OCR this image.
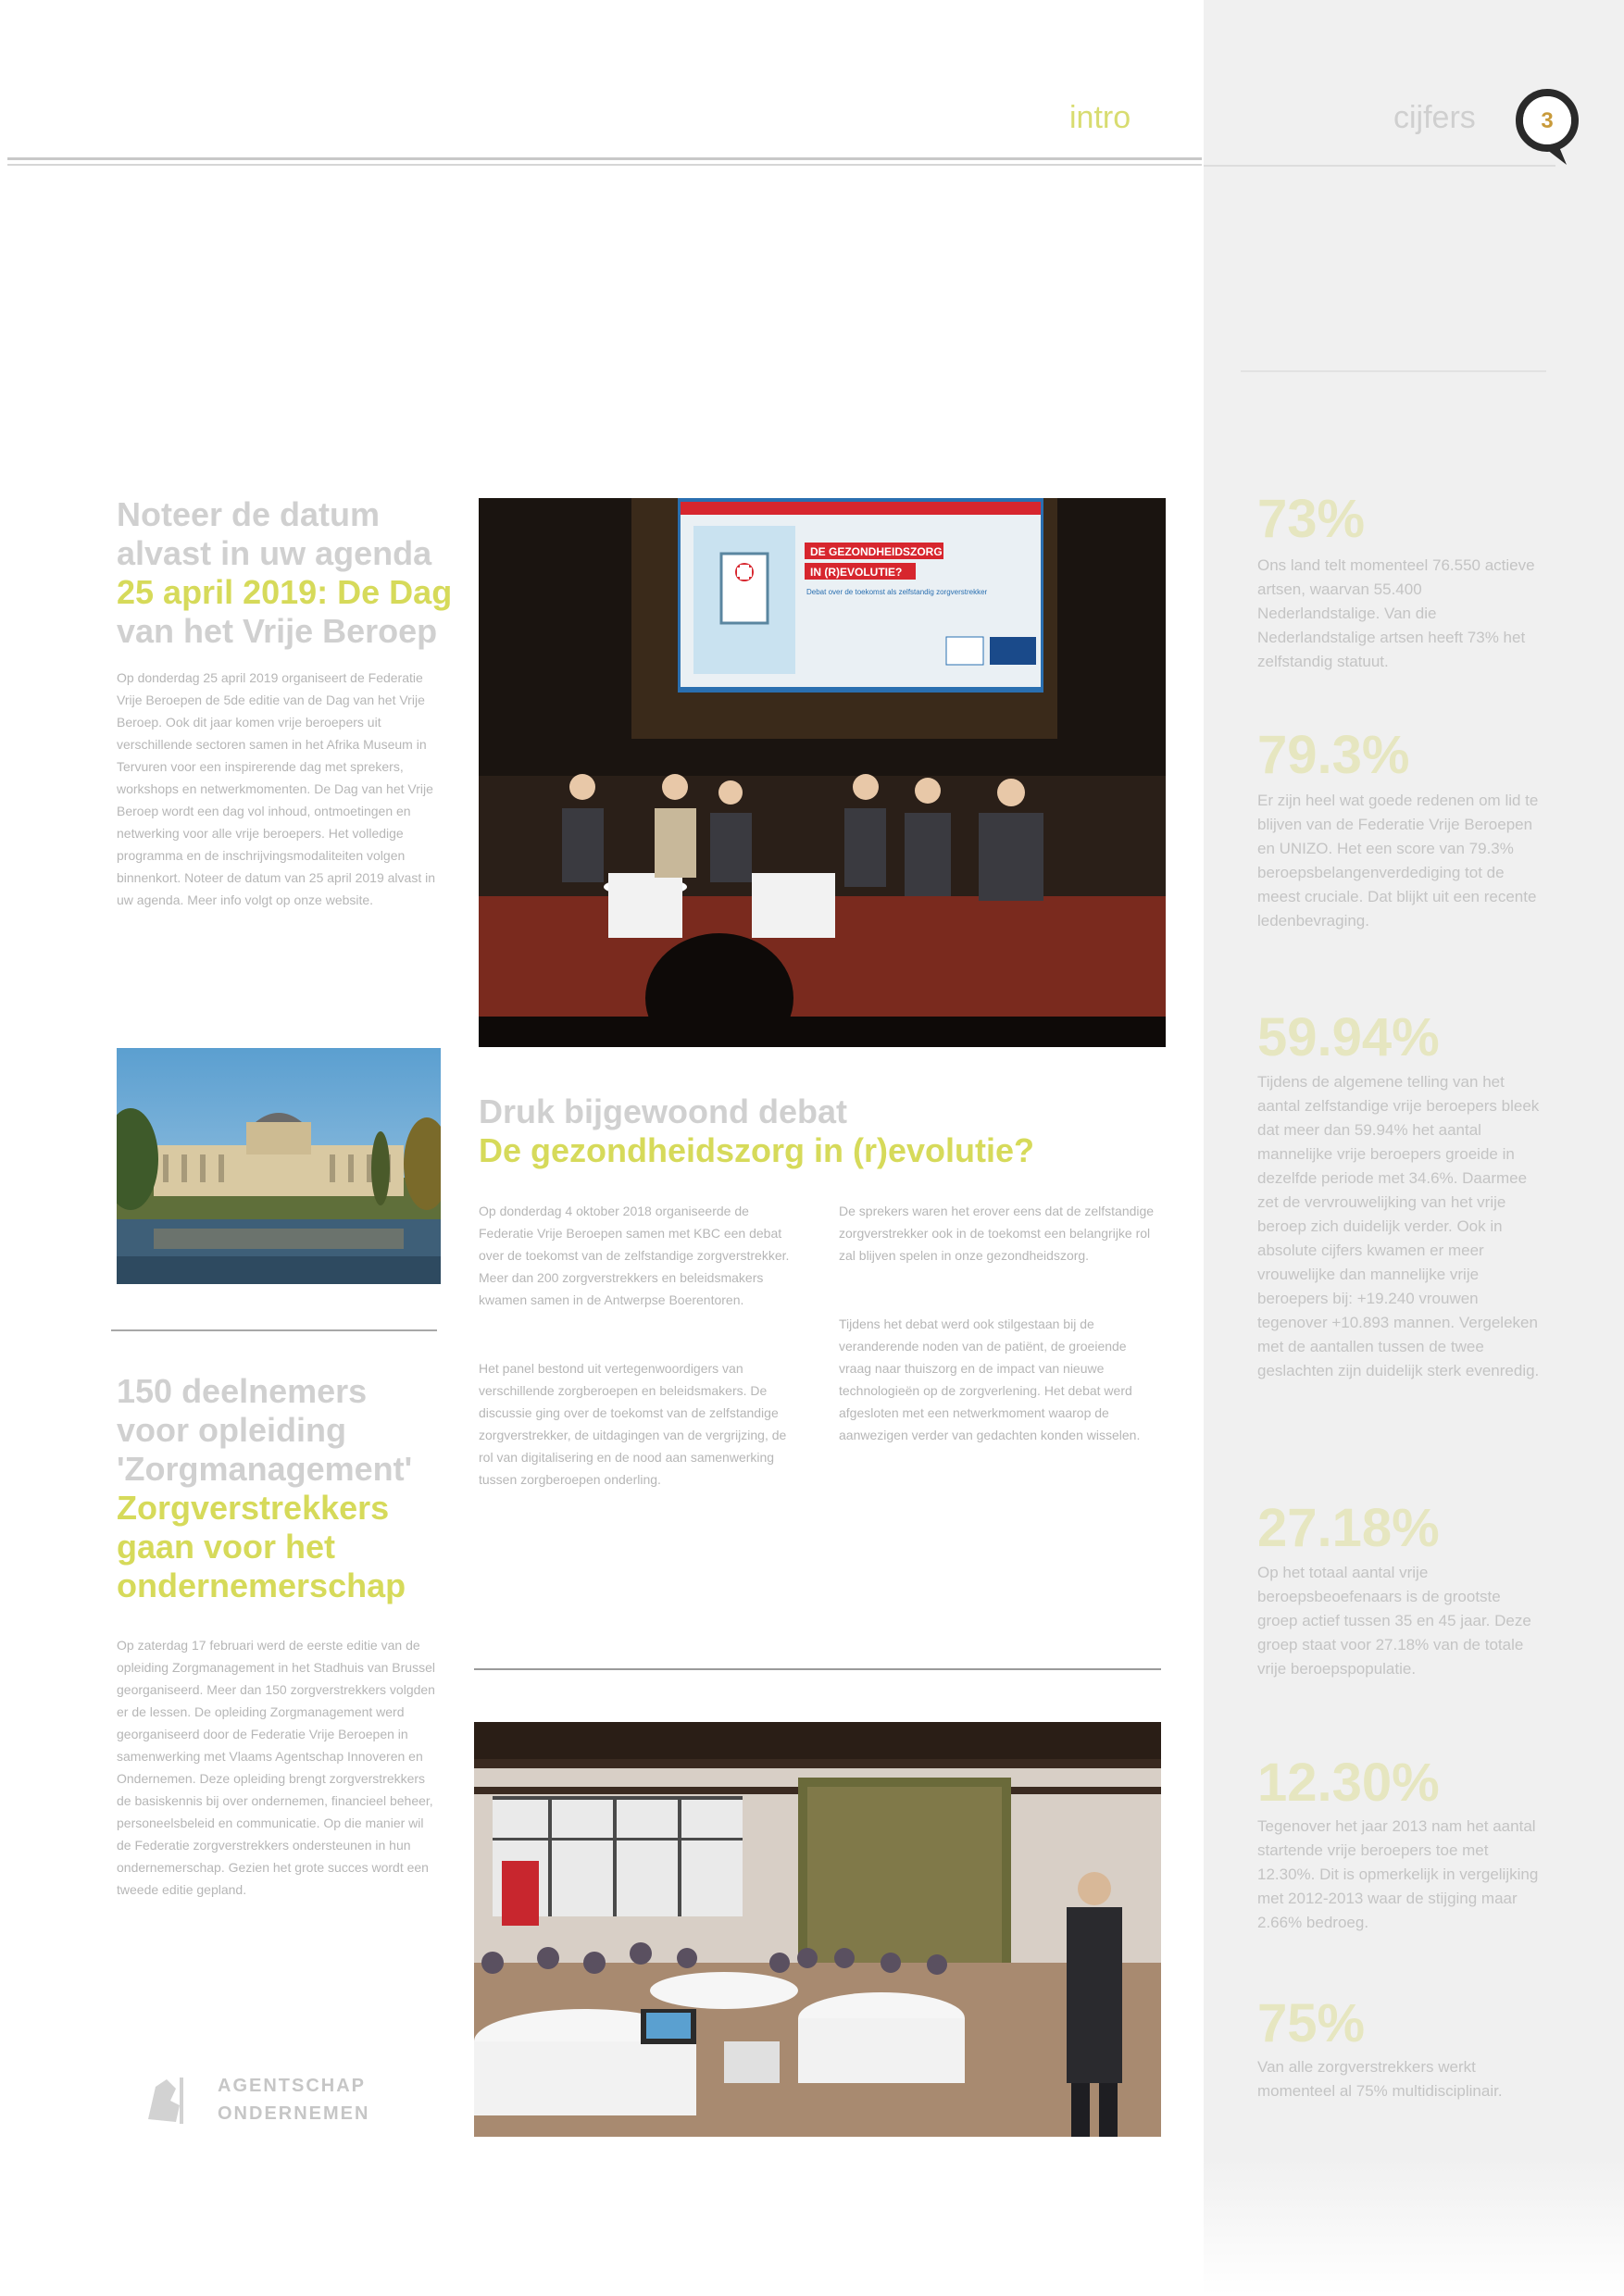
intro	cijfers	3
Noteer de datum
alvast in uw agenda
25 april 2019: De Dag
van het Vrije Beroep

Op donderdag 25 april 2019 organiseert de Federatie Vrije Beroepen de 5de editie van de Dag van het Vrije Beroep. Ook dit jaar komen vrije beroepers uit verschillende sectoren samen in het Afrika Museum in Tervuren voor een inspirerende dag met sprekers, workshops en netwerkmomenten. De Dag van het Vrije Beroep wordt een dag vol inhoud, ontmoetingen en netwerking voor alle vrije beroepers. Het volledige programma en de inschrijvingsmodaliteiten volgen binnenkort. Noteer de datum van 25 april 2019 alvast in uw agenda. Meer info volgt op onze website.

150 deelnemers
voor opleiding
'Zorgmanagement'
Zorgverstrekkers
gaan voor het
ondernemerschap

Op zaterdag 17 februari werd de eerste editie van de opleiding Zorgmanagement in het Stadhuis van Brussel georganiseerd. Meer dan 150 zorgverstrekkers volgden er de lessen. De opleiding Zorgmanagement werd georganiseerd door de Federatie Vrije Beroepen in samenwerking met Vlaams Agentschap Innoveren en Ondernemen. Deze opleiding brengt zorgverstrekkers de basiskennis bij over ondernemen, financieel beheer, personeelsbeleid en communicatie. Op die manier wil de Federatie zorgverstrekkers ondersteunen in hun ondernemerschap. Gezien het grote succes wordt een tweede editie gepland.

AGENTSCHAP
ONDERNEMEN
DE GEZONDHEIDSZORG
IN (R)EVOLUTIE?
Debat over de toekomst als zelfstandig zorgverstrekker
Druk bijgewoond debat
De gezondheidszorg in (r)evolutie?

Op donderdag 4 oktober 2018 organiseerde de Federatie Vrije Beroepen samen met KBC een debat over de toekomst van de zelfstandige zorgverstrekker. Meer dan 200 zorgverstrekkers en beleidsmakers kwamen samen in de Antwerpse Boerentoren.

Het panel bestond uit vertegenwoordigers van verschillende zorgberoepen en beleidsmakers. De discussie ging over de toekomst van de zelfstandige zorgverstrekker, de uitdagingen van de vergrijzing, de rol van digitalisering en de nood aan samenwerking tussen zorgberoepen onderling.

De sprekers waren het erover eens dat de zelfstandige zorgverstrekker ook in de toekomst een belangrijke rol zal blijven spelen in onze gezondheidszorg.

Tijdens het debat werd ook stilgestaan bij de veranderende noden van de patiënt, de groeiende vraag naar thuiszorg en de impact van nieuwe technologieën op de zorgverlening. Het debat werd afgesloten met een netwerkmoment waarop de aanwezigen verder van gedachten konden wisselen.

73%

Ons land telt momenteel 76.550 actieve artsen, waarvan 55.400 Nederlandstalige. Van die Nederlandstalige artsen heeft 73% het zelfstandig statuut.

79.3%

Er zijn heel wat goede redenen om lid te blijven van de Federatie Vrije Beroepen en UNIZO. Het een score van 79.3% beroepsbelangenverdediging tot de meest cruciale. Dat blijkt uit een recente ledenbevraging.

59.94%

Tijdens de algemene telling van het aantal zelfstandige vrije beroepers bleek dat meer dan 59.94% het aantal mannelijke vrije beroepers groeide in dezelfde periode met 34.6%. Daarmee zet de vervrouwelijking van het vrije beroep zich duidelijk verder. Ook in absolute cijfers kwamen er meer vrouwelijke dan mannelijke vrije beroepers bij: +19.240 vrouwen tegenover +10.893 mannen. Vergeleken met de aantallen tussen de twee geslachten zijn duidelijk sterk evenredig.

27.18%

Op het totaal aantal vrije beroepsbeoefenaars is de grootste groep actief tussen 35 en 45 jaar. Deze groep staat voor 27.18% van de totale vrije beroepspopulatie.

12.30%

Tegenover het jaar 2013 nam het aantal startende vrije beroepers toe met 12.30%. Dit is opmerkelijk in vergelijking met 2012-2013 waar de stijging maar 2.66% bedroeg.

75%

Van alle zorgverstrekkers werkt momenteel al 75% multidisciplinair.
